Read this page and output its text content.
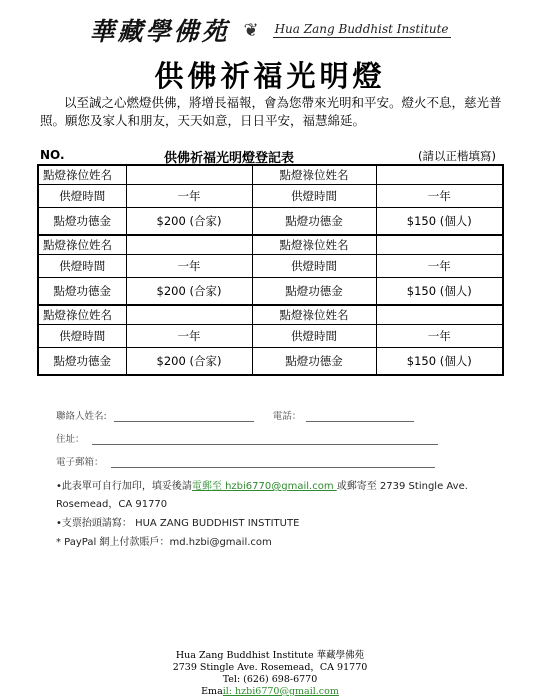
華藏學佛苑 ❦ Hua Zang Buddhist Institute
供佛祈福光明燈
以至誠之心燃燈供佛，將增長福報，會為您帶來光明和平安。燈火不息，慈光普照。願您及家人和朋友，天天如意，日日平安，福慧綿延。
NO.	供佛祈福光明燈登記表	(請以正楷填寫)
點燈祿位姓名		點燈祿位姓名	
供燈時間	一年	供燈時間	一年
點燈功德金	$200 (合家)	點燈功德金	$150 (個人)
點燈祿位姓名		點燈祿位姓名	
供燈時間	一年	供燈時間	一年
點燈功德金	$200 (合家)	點燈功德金	$150 (個人)
點燈祿位姓名		點燈祿位姓名	
供燈時間	一年	供燈時間	一年
點燈功德金	$200 (合家)	點燈功德金	$150 (個人)
聯絡人姓名:	電話：
住址：
電子郵箱：
•此表單可自行加印，填妥後請電郵至 hzbi6770@gmail.com 或郵寄至 2739 Stingle Ave.
Rosemead，CA 91770
•支票抬頭請寫： HUA ZANG BUDDHIST INSTITUTE
* PayPal 網上付款賬戶：md.hzbi@gmail.com
Hua Zang Buddhist Institute 華藏學佛苑
2739 Stingle Ave. Rosemead，CA 91770
Tel: (626) 698-6770
Email: hzbi6770@gmail.com
